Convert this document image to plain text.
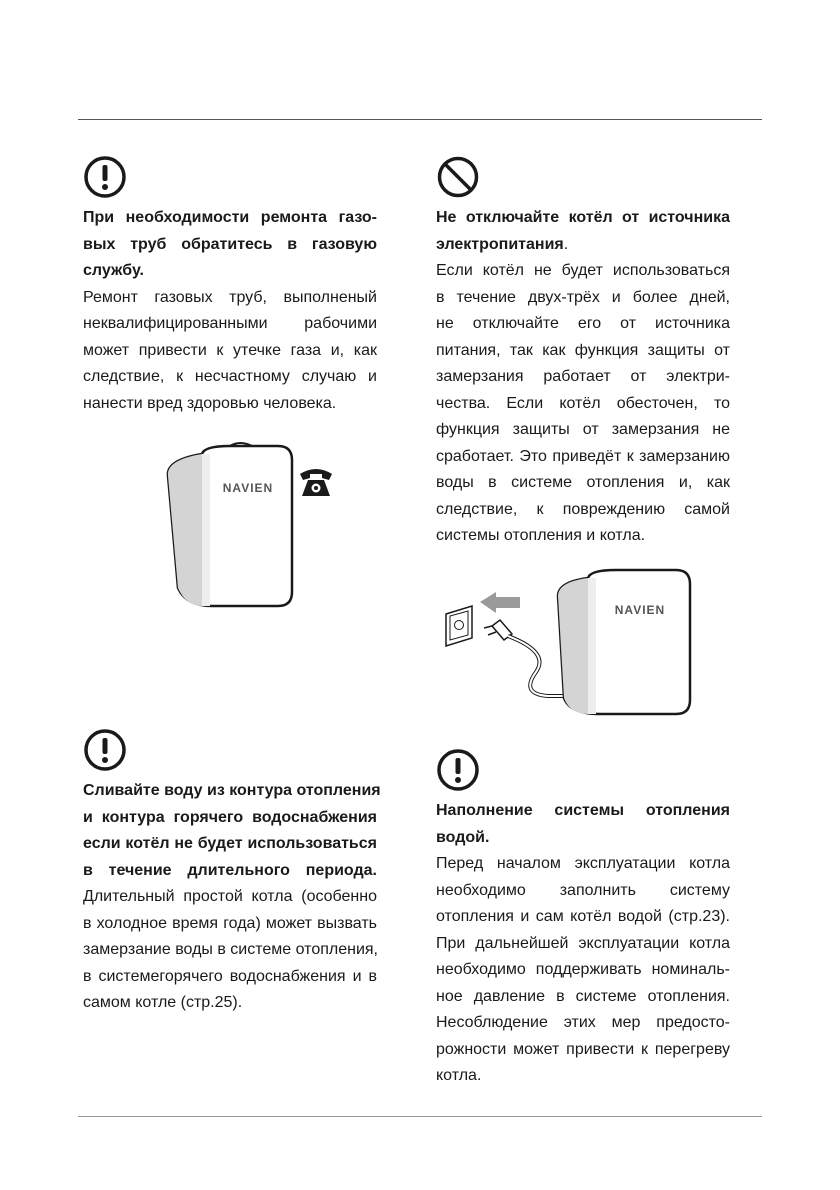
При необходимости ремонта газо-
вых труб обратитесь в газовую
службу.

Ремонт газовых труб, выполненый
неквалифицированными рабочими
может привести к утечке газа и, как
следствие, к несчастному случаю и
нанести вред здоровью человека.

NAVIEN

Не отключайте котёл от источника
электропитания.

Если котёл не будет использоваться
в течение двух-трёх и более дней,
не отключайте его от источника
питания, так как функция защиты от
замерзания работает от электри-
чества. Если котёл обесточен, то
функция защиты от замерзания не
сработает. Это приведёт к замерзанию
воды в системе отопления и, как
следствие, к повреждению самой
системы отопления и котла.

NAVIEN

Сливайте воду из контура отопления
и контура горячего водоснабжения
если котёл не будет использоваться
в течение длительного периода.

Длительный простой котла (особенно
в холодное время года) может вызвать
замерзание воды в системе отопления,
в системегорячего водоснабжения и в
самом котле (стр.25).

Наполнение системы отопления
водой.

Перед началом эксплуатации котла
необходимо заполнить систему
отопления и сам котёл водой (стр.23).
При дальнейшей эксплуатации котла
необходимо поддерживать номиналь-
ное давление в системе отопления.
Несоблюдение этих мер предосто-
рожности может привести к перегреву
котла.
